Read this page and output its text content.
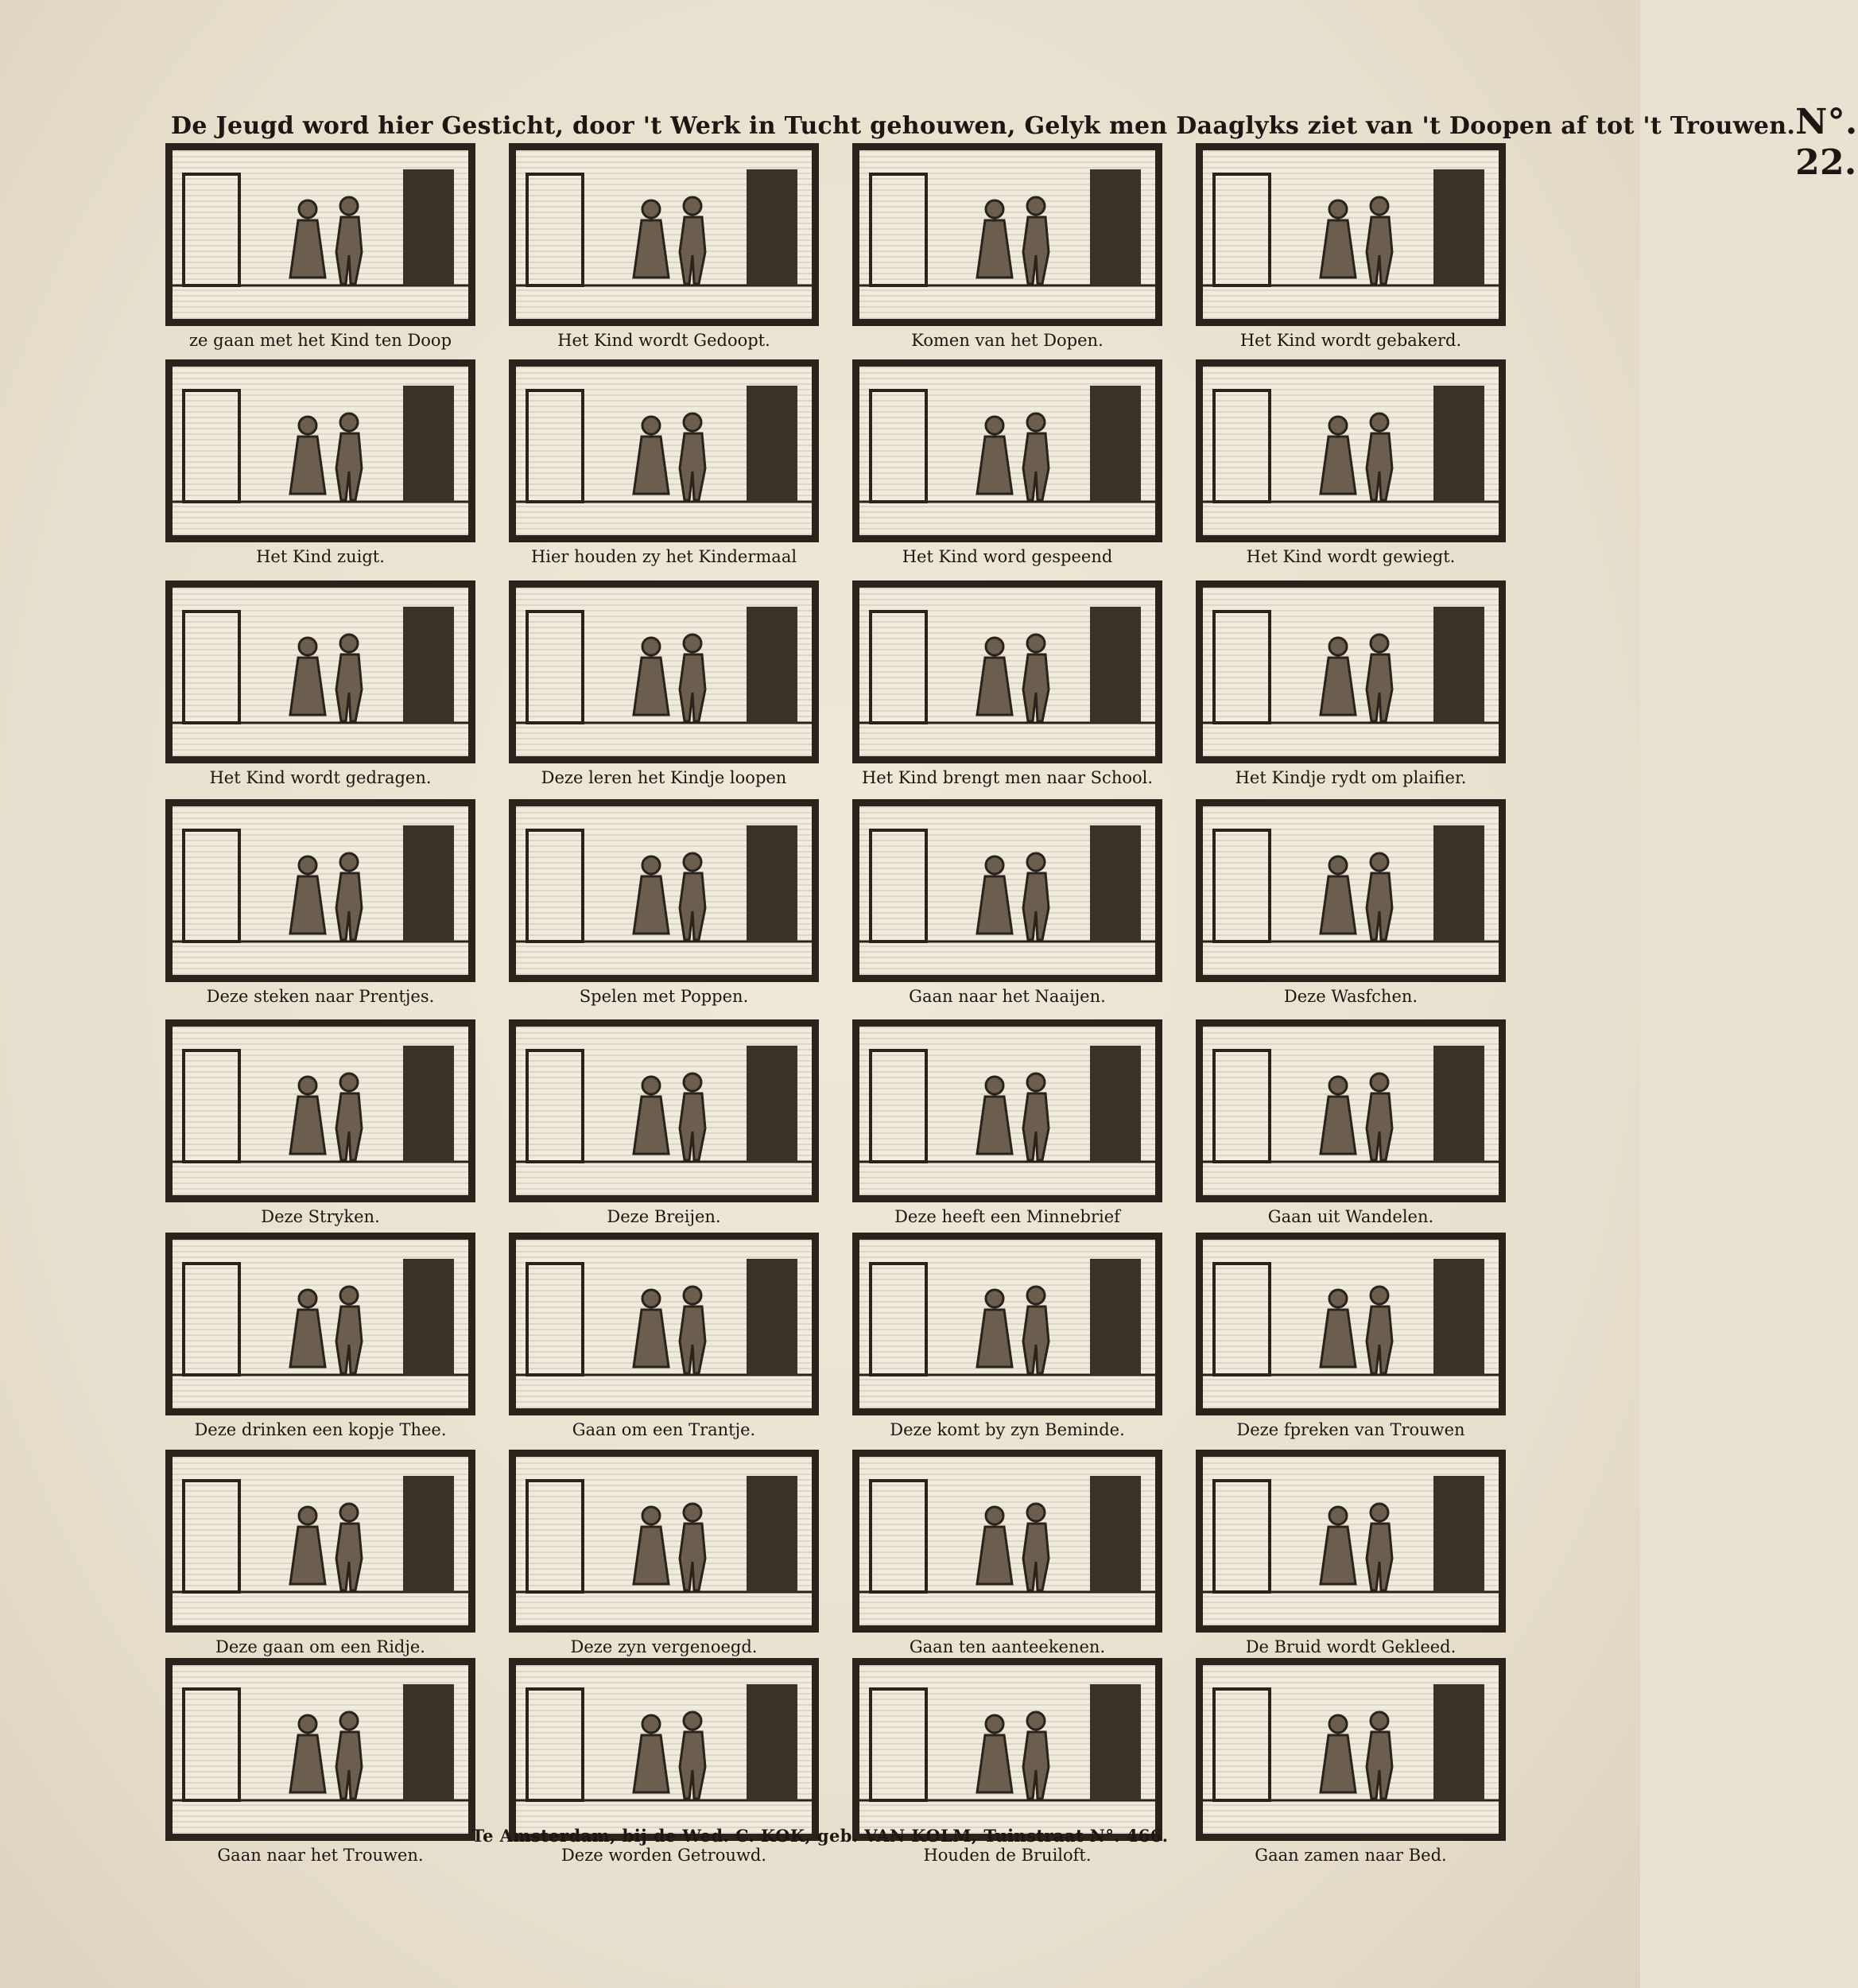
De Jeugd word hier Gesticht, door 't Werk in Tucht gehouwen, Gelyk men Daaglyks ziet van 't Doopen af tot 't Trouwen. N°. 22.
ze gaan met het Kind ten Doop	Het Kind wordt Gedoopt.	Komen van het Dopen.	Het Kind wordt gebakerd.
Het Kind zuigt.	Hier houden zy het Kindermaal	Het Kind word gespeend	Het Kind wordt gewiegt.
Het Kind wordt gedragen.	Deze leren het Kindje loopen	Het Kind brengt men naar School.	Het Kindje rydt om plaifier.
Deze steken naar Prentjes.	Spelen met Poppen.	Gaan naar het Naaijen.	Deze Wasfchen.
Deze Stryken.	Deze Breijen.	Deze heeft een Minnebrief	Gaan uit Wandelen.
Deze drinken een kopje Thee.	Gaan om een Trantje.	Deze komt by zyn Beminde.	Deze fpreken van Trouwen
Deze gaan om een Ridje.	Deze zyn vergenoegd.	Gaan ten aanteekenen.	De Bruid wordt Gekleed.
Gaan naar het Trouwen.	Deze worden Getrouwd.	Houden de Bruiloft.	Gaan zamen naar Bed.
Te Amsterdam, bij de Wed. C. KOK, geb. VAN KOLM, Tuinstraat N°. 466.
